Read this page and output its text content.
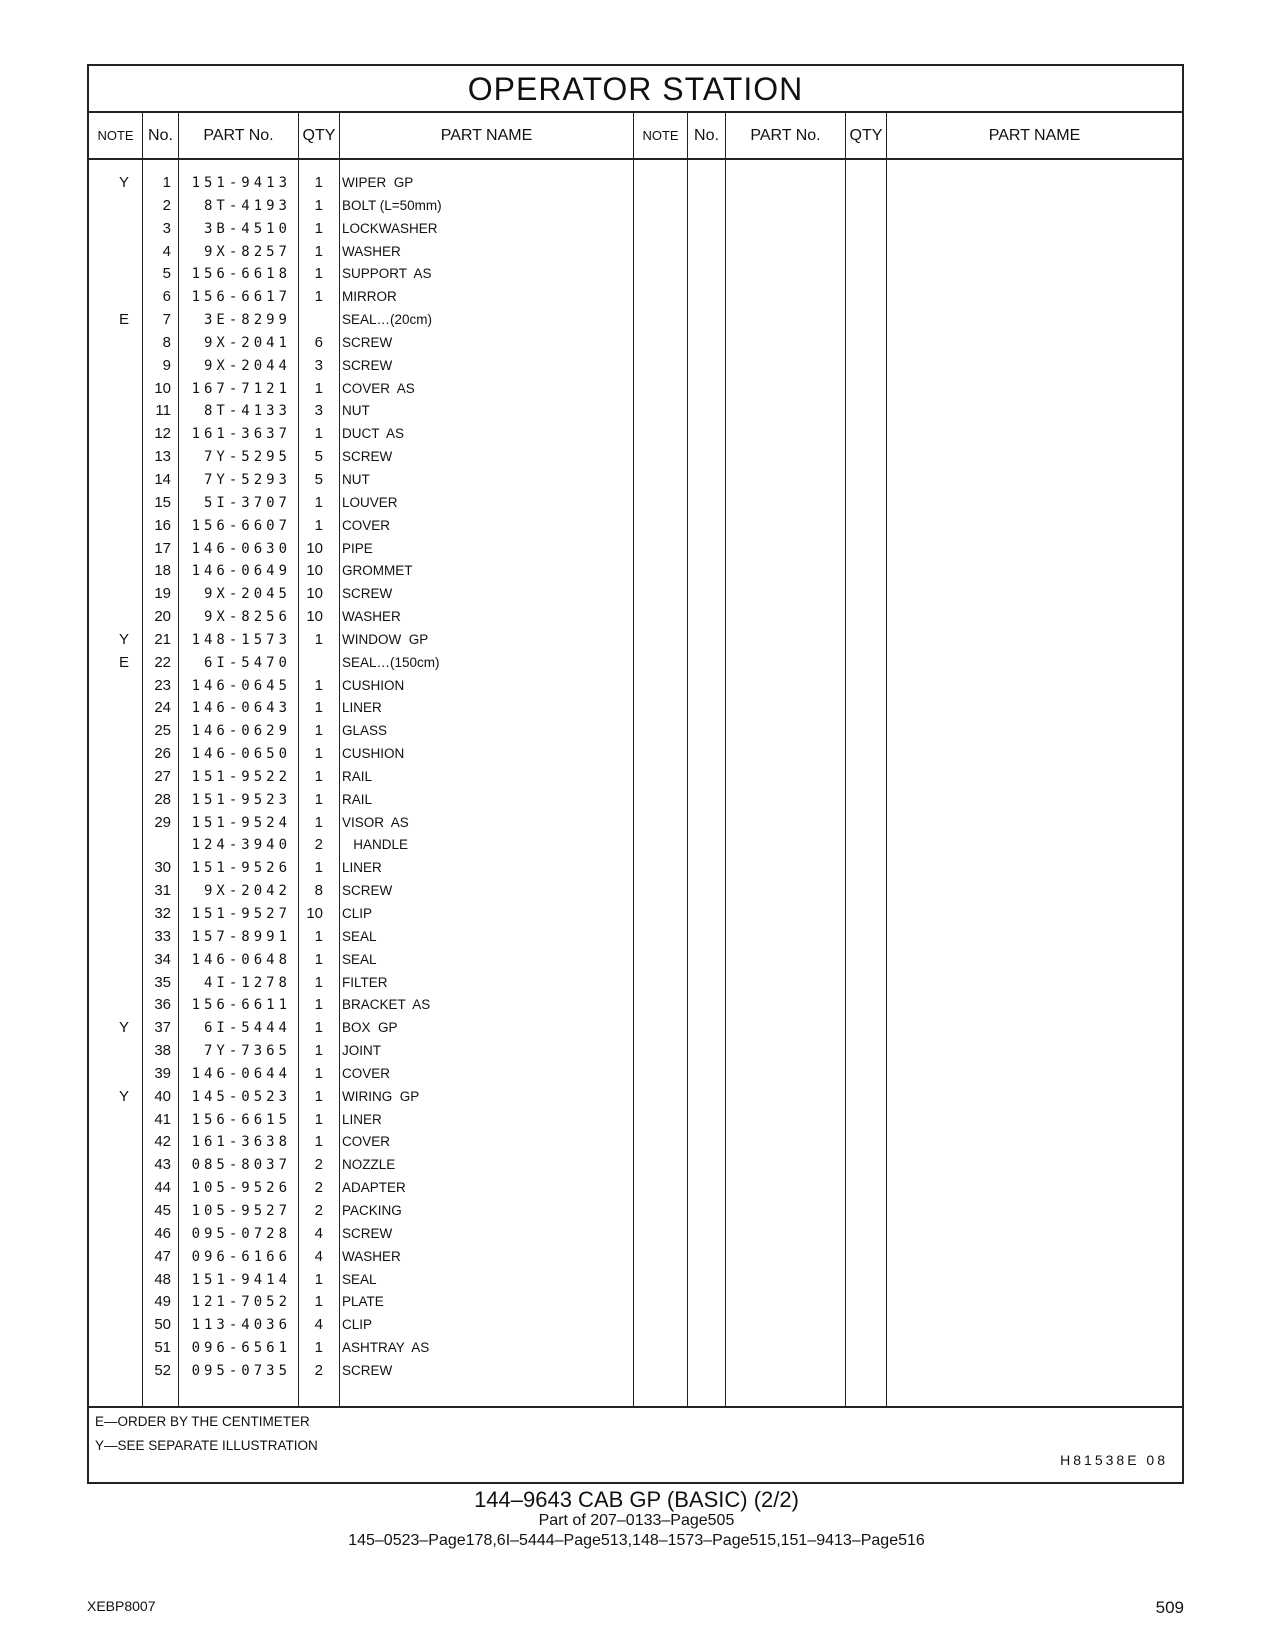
OPERATOR STATION
NOTE No.	PART No.	QTY	PART NAME	NOTE No.	PART No.	QTY	PART NAME
Y	1	151-9413	1 WIPER  GP
2	8T-4193	1 BOLT (L=50mm)
3	3B-4510	1 LOCKWASHER
4	9X-8257	1 WASHER
5	156-6618	1 SUPPORT  AS
6	156-6617	1 MIRROR
E	7	3E-8299	SEAL…(20cm)
8	9X-2041	6 SCREW
9	9X-2044	3 SCREW
10	167-7121	1 COVER  AS
11	8T-4133	3 NUT
12	161-3637	1 DUCT  AS
13	7Y-5295	5 SCREW
14	7Y-5293	5 NUT
15	5I-3707	1 LOUVER
16	156-6607	1 COVER
17	146-0630	10 PIPE
18	146-0649	10 GROMMET
19	9X-2045	10 SCREW
20	9X-8256	10 WASHER
Y	21	148-1573	1 WINDOW  GP
E	22	6I-5470	SEAL…(150cm)
23	146-0645	1 CUSHION
24	146-0643	1 LINER
25	146-0629	1 GLASS
26	146-0650	1 CUSHION
27	151-9522	1 RAIL
28	151-9523	1 RAIL
29	151-9524	1 VISOR  AS
124-3940	2 HANDLE
30	151-9526	1 LINER
31	9X-2042	8 SCREW
32	151-9527	10 CLIP
33	157-8991	1 SEAL
34	146-0648	1 SEAL
35	4I-1278	1 FILTER
36	156-6611	1 BRACKET  AS
Y	37	6I-5444	1 BOX  GP
38	7Y-7365	1 JOINT
39	146-0644	1 COVER
Y	40	145-0523	1 WIRING  GP
41	156-6615	1 LINER
42	161-3638	1 COVER
43	085-8037	2 NOZZLE
44	105-9526	2 ADAPTER
45	105-9527	2 PACKING
46	095-0728	4 SCREW
47	096-6166	4 WASHER
48	151-9414	1 SEAL
49	121-7052	1 PLATE
50	113-4036	4 CLIP
51	096-6561	1 ASHTRAY  AS
52	095-0735	2 SCREW
E—ORDER BY THE CENTIMETER
Y—SEE SEPARATE ILLUSTRATION
H81538E 08
144–9643 CAB GP (BASIC) (2/2)
Part of 207–0133–Page505
145–0523–Page178,6I–5444–Page513,148–1573–Page515,151–9413–Page516
XEBP8007	509
